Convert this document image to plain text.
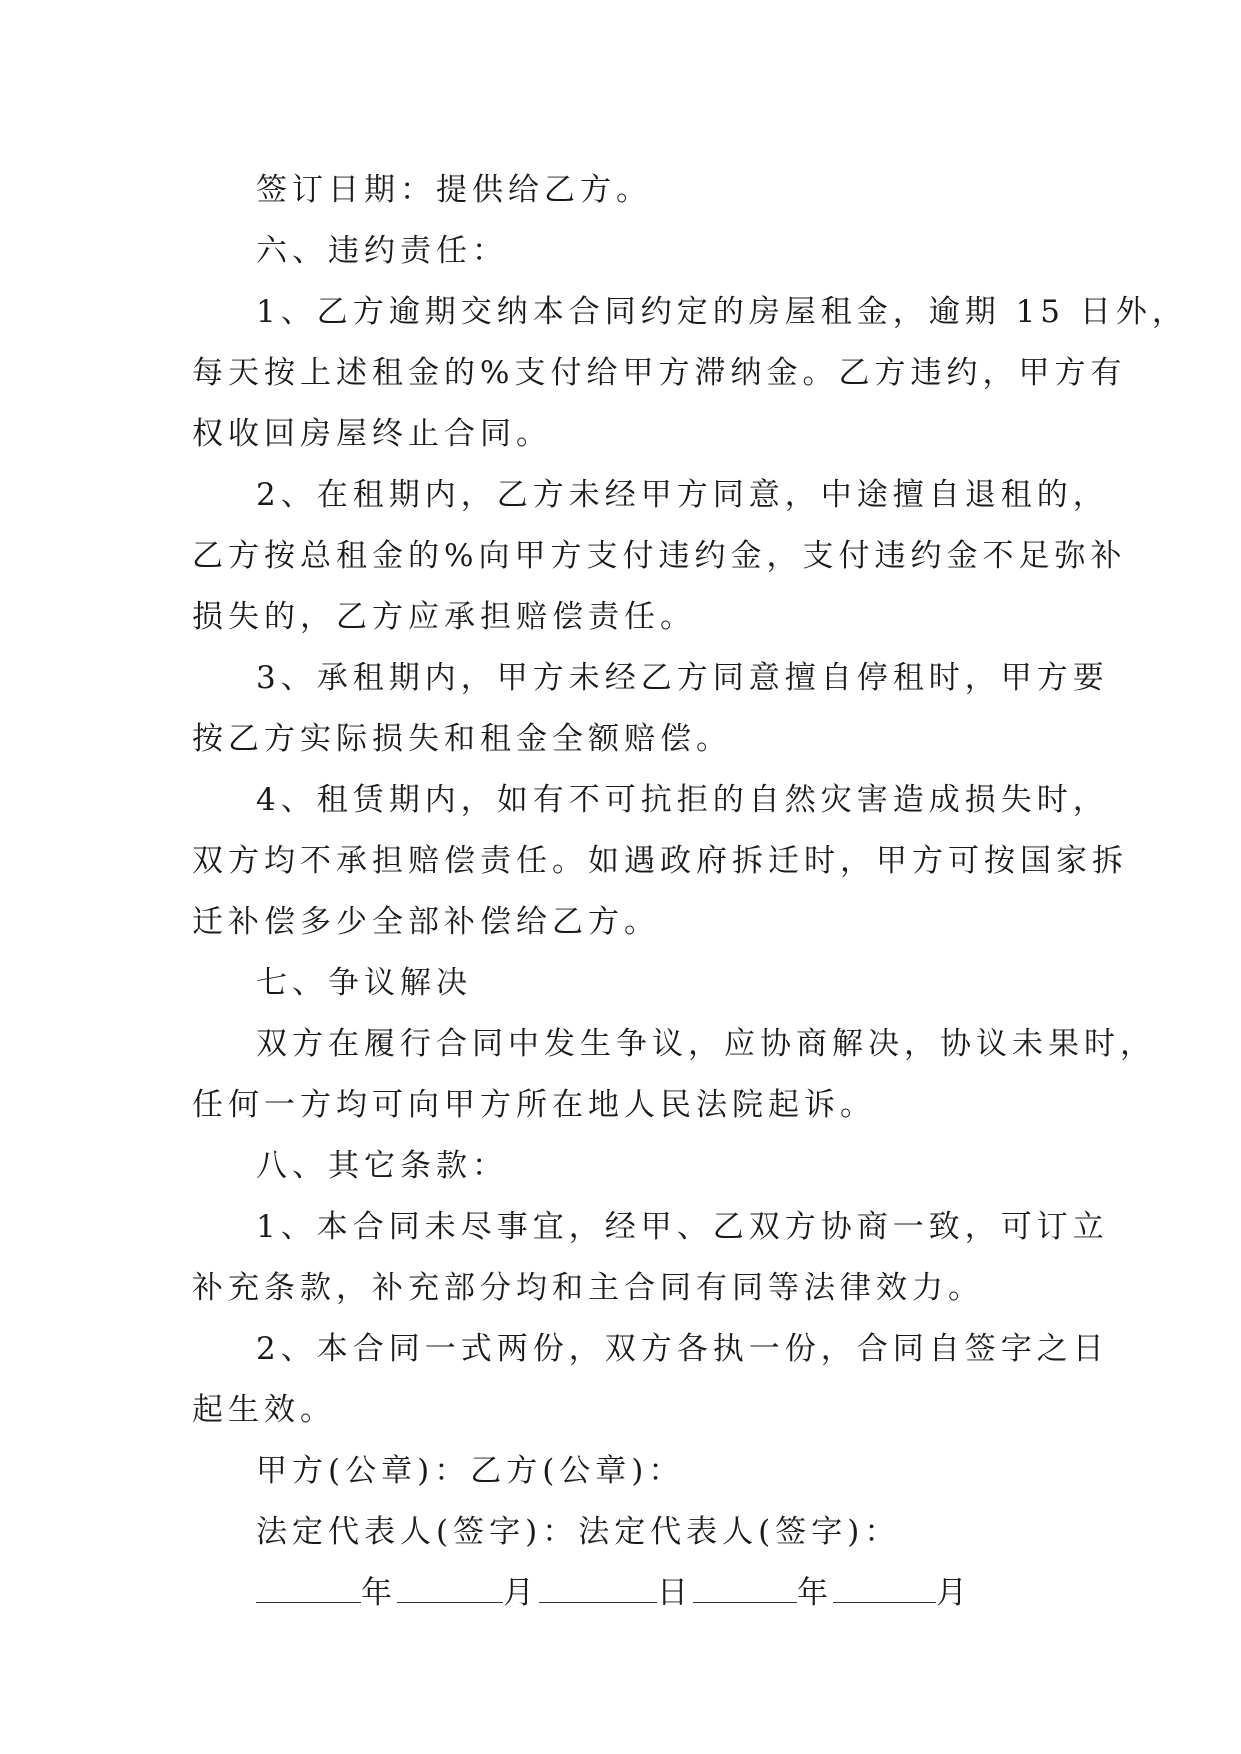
签订日期：提供给乙方。
六、违约责任：
1、乙方逾期交纳本合同约定的房屋租金，逾期 15 日外，
每天按上述租金的%支付给甲方滞纳金。乙方违约，甲方有
权收回房屋终止合同。
2、在租期内，乙方未经甲方同意，中途擅自退租的，
乙方按总租金的%向甲方支付违约金，支付违约金不足弥补
损失的，乙方应承担赔偿责任。
3、承租期内，甲方未经乙方同意擅自停租时，甲方要
按乙方实际损失和租金全额赔偿。
4、租赁期内，如有不可抗拒的自然灾害造成损失时，
双方均不承担赔偿责任。如遇政府拆迁时，甲方可按国家拆
迁补偿多少全部补偿给乙方。
七、争议解决
双方在履行合同中发生争议，应协商解决，协议未果时，
任何一方均可向甲方所在地人民法院起诉。
八、其它条款：
1、本合同未尽事宜，经甲、乙双方协商一致，可订立
补充条款，补充部分均和主合同有同等法律效力。
2、本合同一式两份，双方各执一份，合同自签字之日
起生效。
甲方(公章)：乙方(公章)：
法定代表人(签字)：法定代表人(签字)：
年	月	日	年	月
